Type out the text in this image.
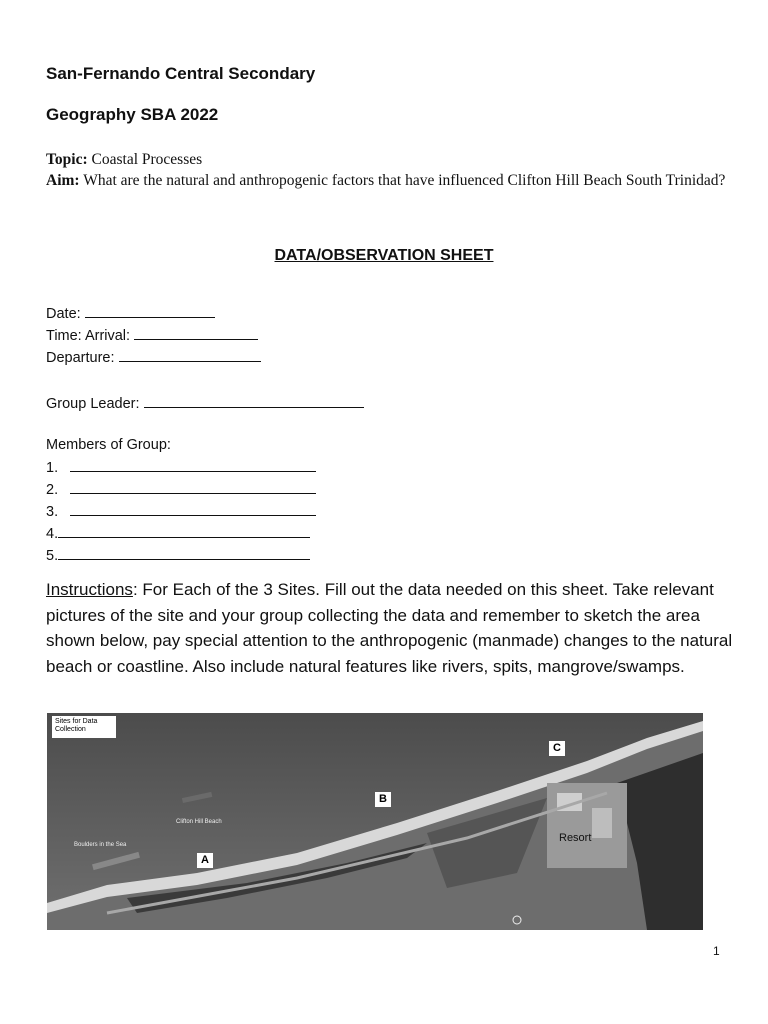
San-Fernando Central Secondary
Geography SBA 2022
Topic: Coastal Processes
Aim: What are the natural and anthropogenic factors that have influenced Clifton Hill Beach South Trinidad?
DATA/OBSERVATION SHEET
Date:
Time: Arrival:
Departure:
Group Leader:
Members of Group:
1.
2.
3.
4.
5.
Instructions: For Each of the 3 Sites. Fill out the data needed on this sheet. Take relevant pictures of the site and your group collecting the data and remember to sketch the area shown below, pay special attention to the anthropogenic (manmade) changes to the natural beach or coastline. Also include natural features like rivers, spits, mangrove/swamps.
Sites for Data Collection
C
B
A
Clifton Hill Beach
Boulders in the Sea
Resort
1
